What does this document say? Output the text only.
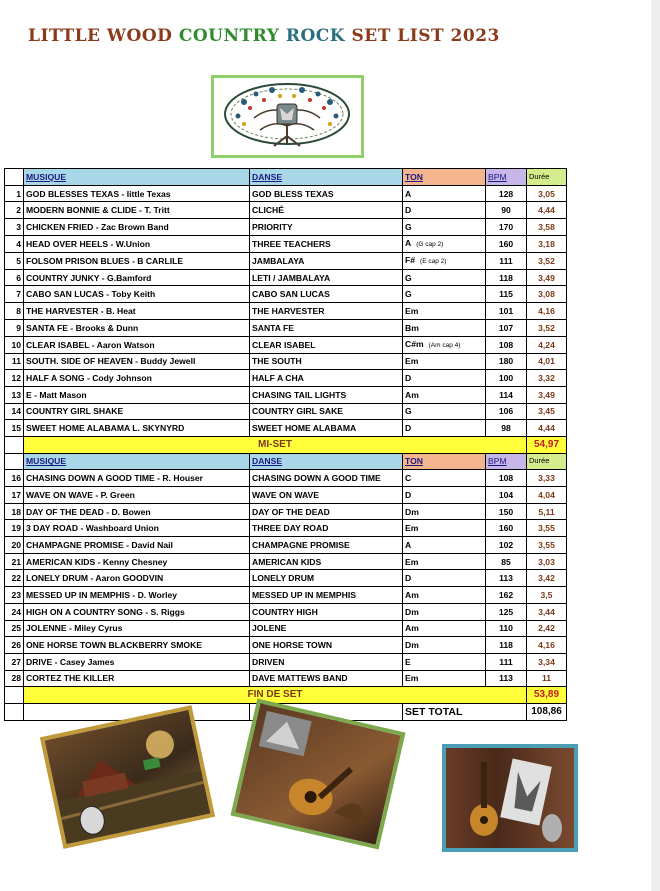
LITTLE WOOD COUNTRY ROCK SET LIST 2023
	MUSIQUE	DANSE	TON	BPM	Durée
1	GOD BLESSES TEXAS - little Texas	GOD BLESS TEXAS	A	128	3,05
2	MODERN BONNIE & CLIDE - T. Tritt	CLICHÉ	D	90	4,44
3	CHICKEN FRIED - Zac Brown Band	PRIORITY	G	170	3,58
4	HEAD OVER HEELS - W.Union	THREE TEACHERS	A (G cap 2)	160	3,18
5	FOLSOM PRISON BLUES - B CARLILE	JAMBALAYA	F# (E cap 2)	111	3,52
6	COUNTRY JUNKY - G.Bamford	LETI / JAMBALAYA	G	118	3,49
7	CABO SAN LUCAS - Toby Keith	CABO SAN LUCAS	G	115	3,08
8	THE HARVESTER - B. Heat	THE HARVESTER	Em	101	4,16
9	SANTA FE - Brooks & Dunn	SANTA FE	Bm	107	3,52
10	CLEAR ISABEL - Aaron Watson	CLEAR ISABEL	C#m (Am cap 4)	108	4,24
11	SOUTH. SIDE OF HEAVEN - Buddy Jewell	THE SOUTH	Em	180	4,01
12	HALF A SONG - Cody Johnson	HALF A CHA	D	100	3,32
13	E - Matt Mason	CHASING TAIL LIGHTS	Am	114	3,49
14	COUNTRY GIRL SHAKE	COUNTRY GIRL SAKE	G	106	3,45
15	SWEET HOME ALABAMA L. SKYNYRD	SWEET HOME ALABAMA	D	98	4,44
	MI-SET				54,97
	MUSIQUE	DANSE	TON	BPM	Durée
16	CHASING DOWN A GOOD TIME - R. Houser	CHASING DOWN A GOOD TIME	C	108	3,33
17	WAVE ON WAVE - P. Green	WAVE ON WAVE	D	104	4,04
18	DAY OF THE DEAD - D. Bowen	DAY OF THE DEAD	Dm	150	5,11
19	3 DAY ROAD - Washboard Union	THREE DAY ROAD	Em	160	3,55
20	CHAMPAGNE PROMISE - David Nail	CHAMPAGNE PROMISE	A	102	3,55
21	AMERICAN KIDS - Kenny Chesney	AMERICAN KIDS	Em	85	3,03
22	LONELY DRUM - Aaron GOODVIN	LONELY DRUM	D	113	3,42
23	MESSED UP IN MEMPHIS - D. Worley	MESSED UP IN MEMPHIS	Am	162	3,5
24	HIGH ON A COUNTRY SONG - S. Riggs	COUNTRY HIGH	Dm	125	3,44
25	JOLENNE - Miley Cyrus	JOLENE	Am	110	2,42
26	ONE HORSE TOWN BLACKBERRY SMOKE	ONE HORSE TOWN	Dm	118	4,16
27	DRIVE - Casey James	DRIVEN	E	111	3,34
28	CORTEZ THE KILLER	DAVE MATTEWS BAND	Em	113	11
	FIN DE SET				53,89
			SET TOTAL		108,86
